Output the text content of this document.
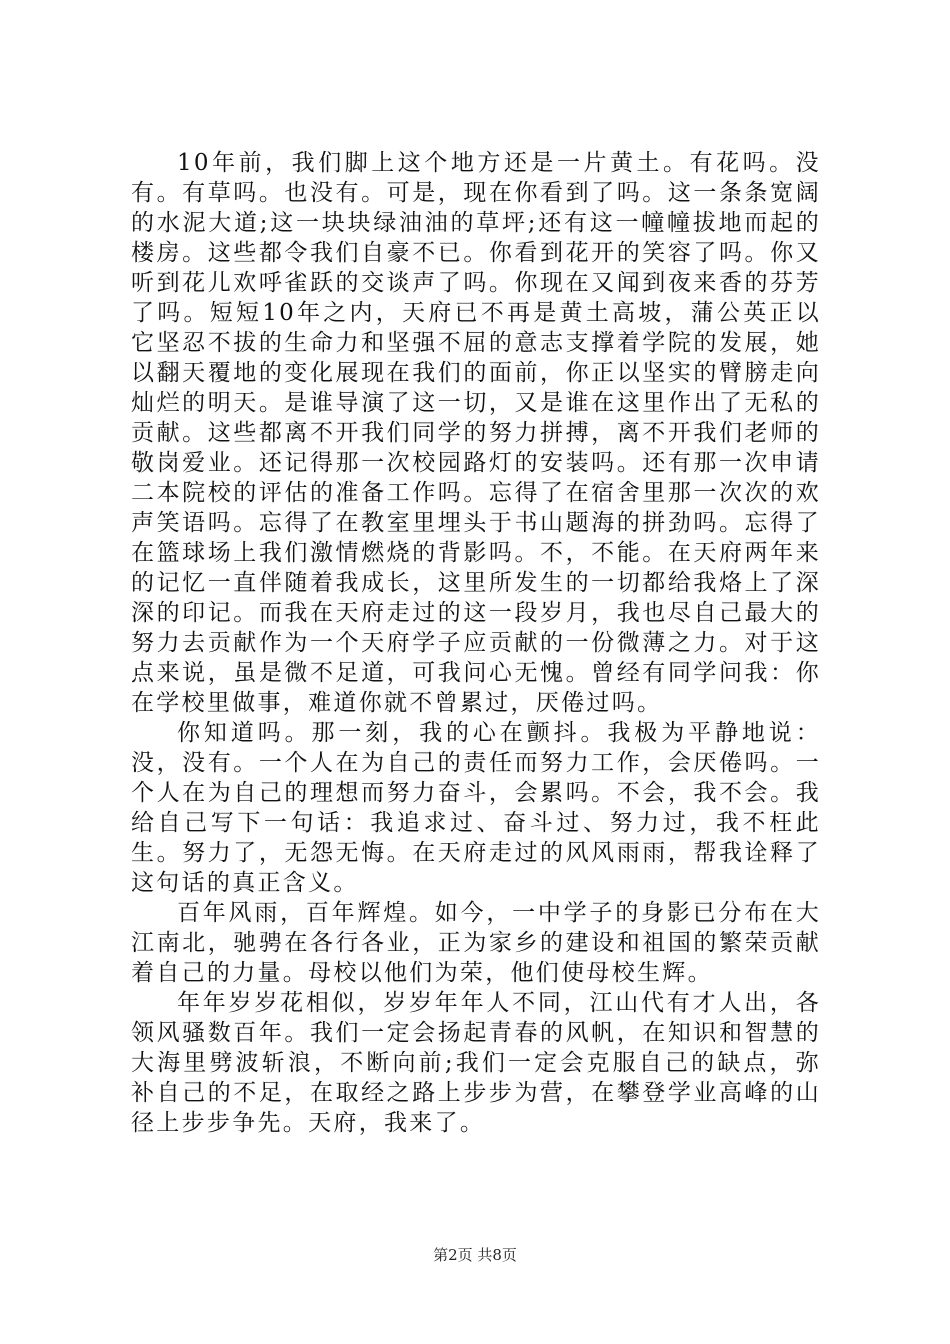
10年前，我们脚上这个地方还是一片黄土。有花吗。没有。有草吗。也没有。可是，现在你看到了吗。这一条条宽阔的水泥大道;这一块块绿油油的草坪;还有这一幢幢拔地而起的楼房。这些都令我们自豪不已。你看到花开的笑容了吗。你又听到花儿欢呼雀跃的交谈声了吗。你现在又闻到夜来香的芬芳了吗。短短10年之内，天府已不再是黄土高坡，蒲公英正以它坚忍不拔的生命力和坚强不屈的意志支撑着学院的发展，她以翻天覆地的变化展现在我们的面前，你正以坚实的臂膀走向灿烂的明天。是谁导演了这一切，又是谁在这里作出了无私的贡献。这些都离不开我们同学的努力拼搏，离不开我们老师的敬岗爱业。还记得那一次校园路灯的安装吗。还有那一次申请二本院校的评估的准备工作吗。忘得了在宿舍里那一次次的欢声笑语吗。忘得了在教室里埋头于书山题海的拼劲吗。忘得了在篮球场上我们激情燃烧的背影吗。不，不能。在天府两年来的记忆一直伴随着我成长，这里所发生的一切都给我烙上了深深的印记。而我在天府走过的这一段岁月，我也尽自己最大的努力去贡献作为一个天府学子应贡献的一份微薄之力。对于这点来说，虽是微不足道，可我问心无愧。曾经有同学问我：你在学校里做事，难道你就不曾累过，厌倦过吗。

你知道吗。那一刻，我的心在颤抖。我极为平静地说：没，没有。一个人在为自己的责任而努力工作，会厌倦吗。一个人在为自己的理想而努力奋斗，会累吗。不会，我不会。我给自己写下一句话：我追求过、奋斗过、努力过，我不枉此生。努力了，无怨无悔。在天府走过的风风雨雨，帮我诠释了这句话的真正含义。

百年风雨，百年辉煌。如今，一中学子的身影已分布在大江南北，驰骋在各行各业，正为家乡的建设和祖国的繁荣贡献着自己的力量。母校以他们为荣，他们使母校生辉。

年年岁岁花相似，岁岁年年人不同，江山代有才人出，各领风骚数百年。我们一定会扬起青春的风帆，在知识和智慧的大海里劈波斩浪，不断向前;我们一定会克服自己的缺点，弥补自己的不足，在取经之路上步步为营，在攀登学业高峰的山径上步步争先。天府，我来了。

第2页 共8页
